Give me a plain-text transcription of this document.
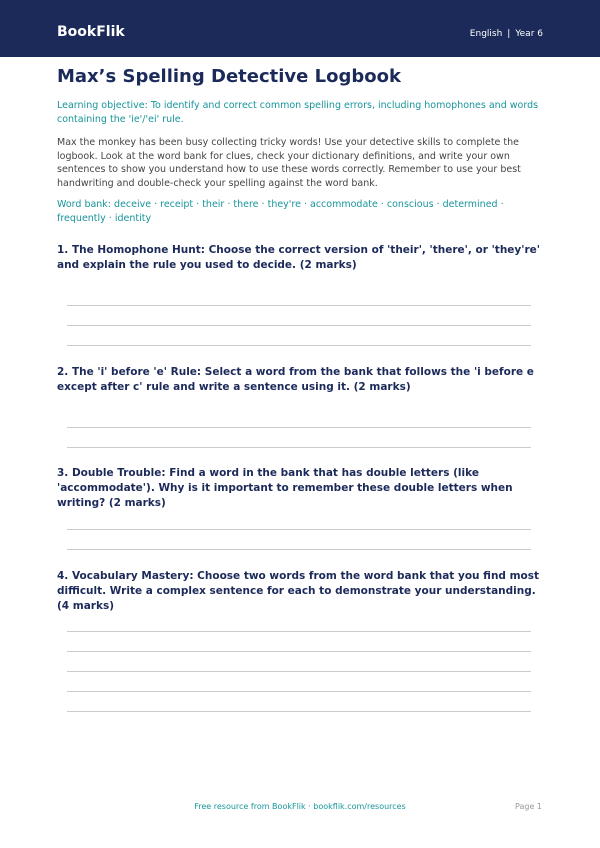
BookFlik	English | Year 6
Max’s Spelling Detective Logbook

Learning objective: To identify and correct common spelling errors, including homophones and words containing the 'ie'/'ei' rule.

Max the monkey has been busy collecting tricky words! Use your detective skills to complete the logbook. Look at the word bank for clues, check your dictionary definitions, and write your own sentences to show you understand how to use these words correctly. Remember to use your best handwriting and double-check your spelling against the word bank.

Word bank: deceive · receipt · their · there · they're · accommodate · conscious · determined · frequently · identity

1. The Homophone Hunt: Choose the correct version of 'their', 'there', or 'they're' and explain the rule you used to decide. (2 marks)

2. The 'i' before 'e' Rule: Select a word from the bank that follows the 'i before e except after c' rule and write a sentence using it. (2 marks)

3. Double Trouble: Find a word in the bank that has double letters (like 'accommodate'). Why is it important to remember these double letters when writing? (2 marks)

4. Vocabulary Mastery: Choose two words from the word bank that you find most difficult. Write a complex sentence for each to demonstrate your understanding. (4 marks)

Free resource from BookFlik · bookflik.com/resources	Page 1
